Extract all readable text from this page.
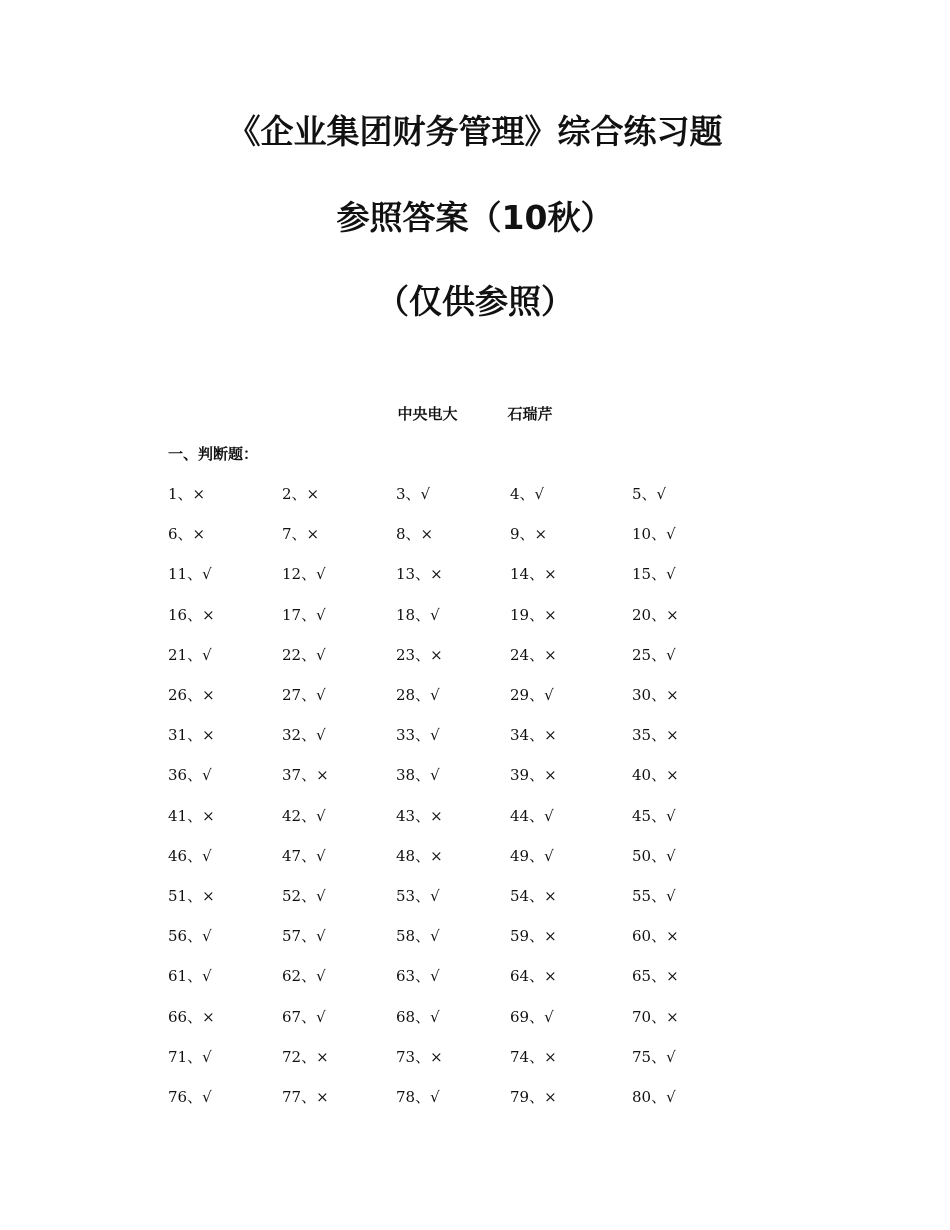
《企业集团财务管理》综合练习题
参照答案（10秋）
（仅供参照）
中央电大	石瑞芹
一、判断题：
1、×	2、×	3、√	4、√	5、√
6、×	7、×	8、×	9、×	10、√
11、√	12、√	13、×	14、×	15、√
16、×	17、√	18、√	19、×	20、×
21、√	22、√	23、×	24、×	25、√
26、×	27、√	28、√	29、√	30、×
31、×	32、√	33、√	34、×	35、×
36、√	37、×	38、√	39、×	40、×
41、×	42、√	43、×	44、√	45、√
46、√	47、√	48、×	49、√	50、√
51、×	52、√	53、√	54、×	55、√
56、√	57、√	58、√	59、×	60、×
61、√	62、√	63、√	64、×	65、×
66、×	67、√	68、√	69、√	70、×
71、√	72、×	73、×	74、×	75、√
76、√	77、×	78、√	79、×	80、√
